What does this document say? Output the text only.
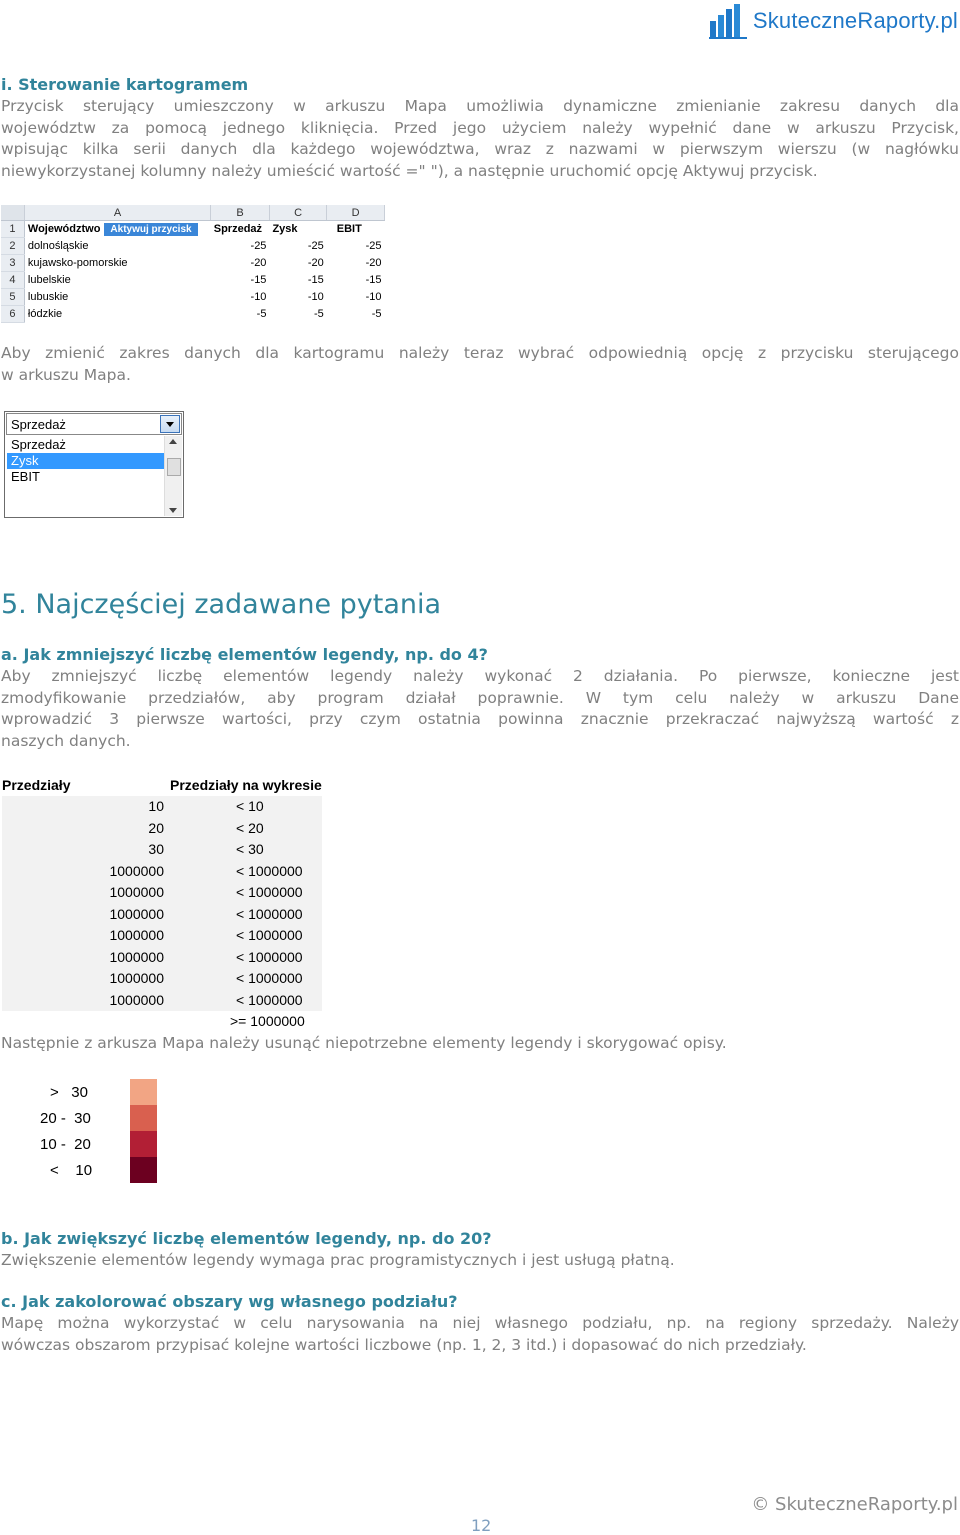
SkuteczneRaporty.pl
i. Sterowanie kartogramem
Przycisk sterujący umieszczony w arkuszu Mapa umożliwia dynamiczne zmienianie zakresu danych dla
województw za pomocą jednego kliknięcia. Przed jego użyciem należy wypełnić dane w arkuszu Przycisk,
wpisując kilka serii danych dla każdego województwa, wraz z nazwami w pierwszym wierszu (w nagłówku
niewykorzystanej kolumny należy umieścić wartość =" "), a następnie uruchomić opcję Aktywuj przycisk.
	A	B	C	D
1	Województwo Aktywuj przycisk	Sprzedaż	Zysk	EBIT
2	dolnośląskie	-25	-25	-25
3	kujawsko-pomorskie	-20	-20	-20
4	lubelskie	-15	-15	-15
5	lubuskie	-10	-10	-10
6	łódzkie	-5	-5	-5
Aby zmienić zakres danych dla kartogramu należy teraz wybrać odpowiednią opcję z przycisku sterującego
w arkuszu Mapa.
Sprzedaż
Sprzedaż
Zysk
EBIT
5. Najczęściej zadawane pytania
a. Jak zmniejszyć liczbę elementów legendy, np. do 4?
Aby zmniejszyć liczbę elementów legendy należy wykonać 2 działania. Po pierwsze, konieczne jest
zmodyfikowanie przedziałów, aby program działał poprawnie. W tym celu należy w arkuszu Dane
wprowadzić 3 pierwsze wartości, przy czym ostatnia powinna znacznie przekraczać najwyższą wartość z
naszych danych.
Przedziały	Przedziały na wykresie
10	< 10
20	< 20
30	< 30
1000000	< 1000000
1000000	< 1000000
1000000	< 1000000
1000000	< 1000000
1000000	< 1000000
1000000	< 1000000
1000000	< 1000000
	>= 1000000
Następnie z arkusza Mapa należy usunąć niepotrzebne elementy legendy i skorygować opisy.
>   30
20 -  30
10 -  20
<    10
b. Jak zwiększyć liczbę elementów legendy, np. do 20?
Zwiększenie elementów legendy wymaga prac programistycznych i jest usługą płatną.
c. Jak zakolorować obszary wg własnego podziału?
Mapę można wykorzystać w celu narysowania na niej własnego podziału, np. na regiony sprzedaży. Należy
wówczas obszarom przypisać kolejne wartości liczbowe (np. 1, 2, 3 itd.) i dopasować do nich przedziały.
© SkuteczneRaporty.pl
12
